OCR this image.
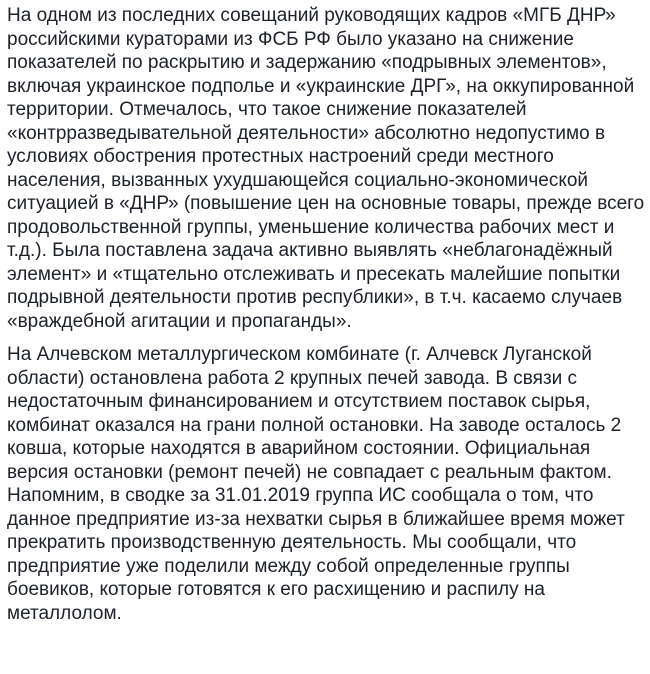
На одном из последних совещаний руководящих кадров «МГБ ДНР»
российскими кураторами из ФСБ РФ было указано на снижение
показателей по раскрытию и задержанию «подрывных элементов»,
включая украинское подполье и «украинские ДРГ», на оккупированной
территории. Отмечалось, что такое снижение показателей
«контрразведывательной деятельности» абсолютно недопустимо в
условиях обострения протестных настроений среди местного
населения, вызванных ухудшающейся социально-экономической
ситуацией в «ДНР» (повышение цен на основные товары, прежде всего
продовольственной группы, уменьшение количества рабочих мест и
т.д.). Была поставлена задача активно выявлять «неблагонадёжный
элемент» и «тщательно отслеживать и пресекать малейшие попытки
подрывной деятельности против республики», в т.ч. касаемо случаев
«враждебной агитации и пропаганды».

На Алчевском металлургическом комбинате (г. Алчевск Луганской
области) остановлена работа 2 крупных печей завода. В связи с
недостаточным финансированием и отсутствием поставок сырья,
комбинат оказался на грани полной остановки. На заводе осталось 2
ковша, которые находятся в аварийном состоянии. Официальная
версия остановки (ремонт печей) не совпадает с реальным фактом.
Напомним, в сводке за 31.01.2019 группа ИС сообщала о том, что
данное предприятие из-за нехватки сырья в ближайшее время может
прекратить производственную деятельность. Мы сообщали, что
предприятие уже поделили между собой определенные группы
боевиков, которые готовятся к его расхищению и распилу на
металлолом.
